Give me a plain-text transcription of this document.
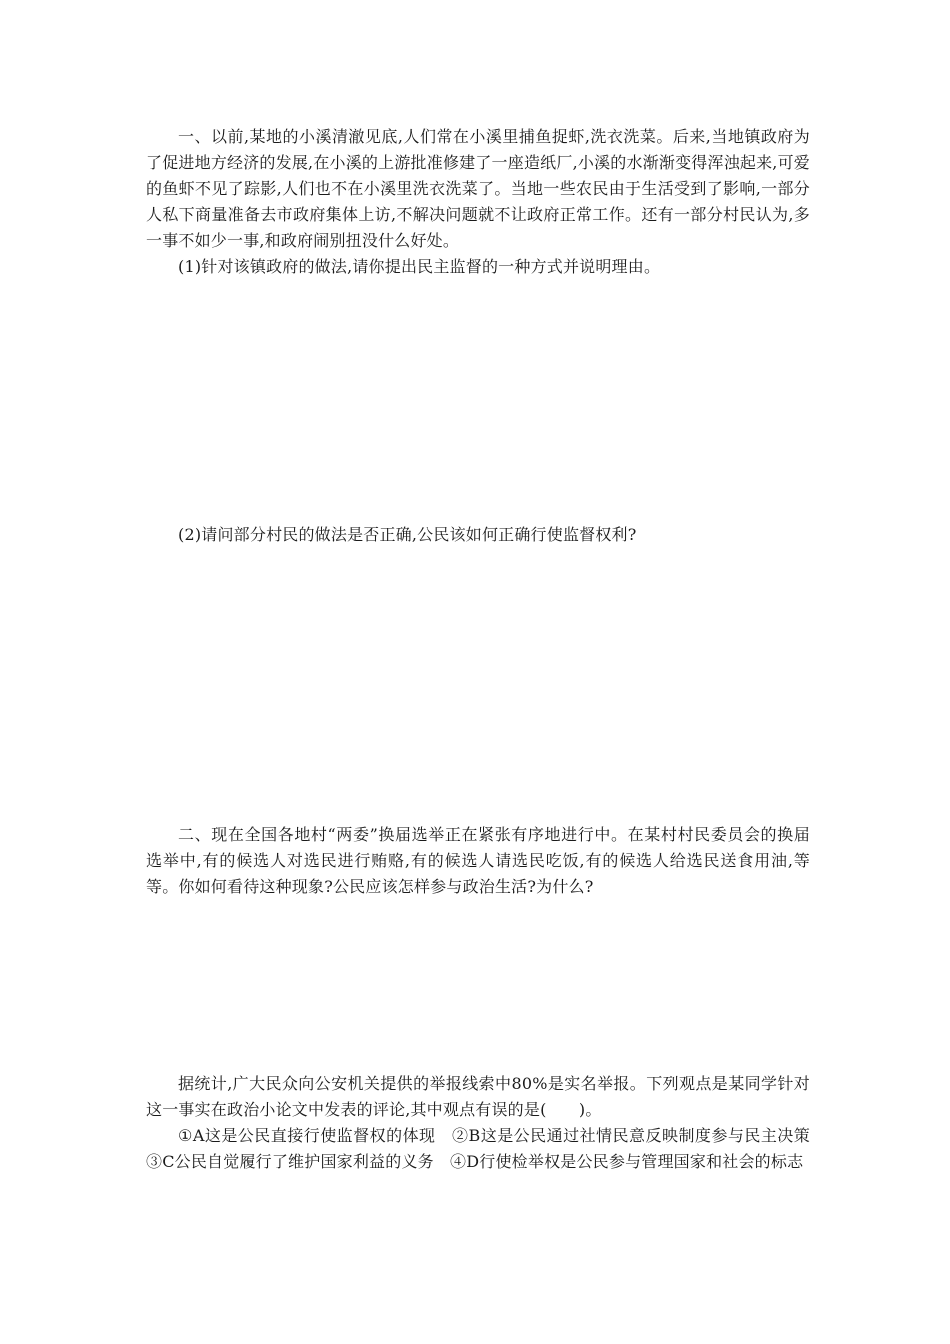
一、以前,某地的小溪清澈见底,人们常在小溪里捕鱼捉虾,洗衣洗菜。后来,当地镇政府为了促进地方经济的发展,在小溪的上游批准修建了一座造纸厂,小溪的水渐渐变得浑浊起来,可爱的鱼虾不见了踪影,人们也不在小溪里洗衣洗菜了。当地一些农民由于生活受到了影响,一部分人私下商量准备去市政府集体上访,不解决问题就不让政府正常工作。还有一部分村民认为,多一事不如少一事,和政府闹别扭没什么好处。

(1)针对该镇政府的做法,请你提出民主监督的一种方式并说明理由。

(2)请问部分村民的做法是否正确,公民该如何正确行使监督权利?

二、现在全国各地村“两委”换届选举正在紧张有序地进行中。在某村村民委员会的换届选举中,有的候选人对选民进行贿赂,有的候选人请选民吃饭,有的候选人给选民送食用油,等等。你如何看待这种现象?公民应该怎样参与政治生活?为什么?

据统计,广大民众向公安机关提供的举报线索中80%是实名举报。下列观点是某同学针对这一事实在政治小论文中发表的评论,其中观点有误的是(　　)。

①A这是公民直接行使监督权的体现　②B这是公民通过社情民意反映制度参与民主决策　③C公民自觉履行了维护国家利益的义务　④D行使检举权是公民参与管理国家和社会的标志
